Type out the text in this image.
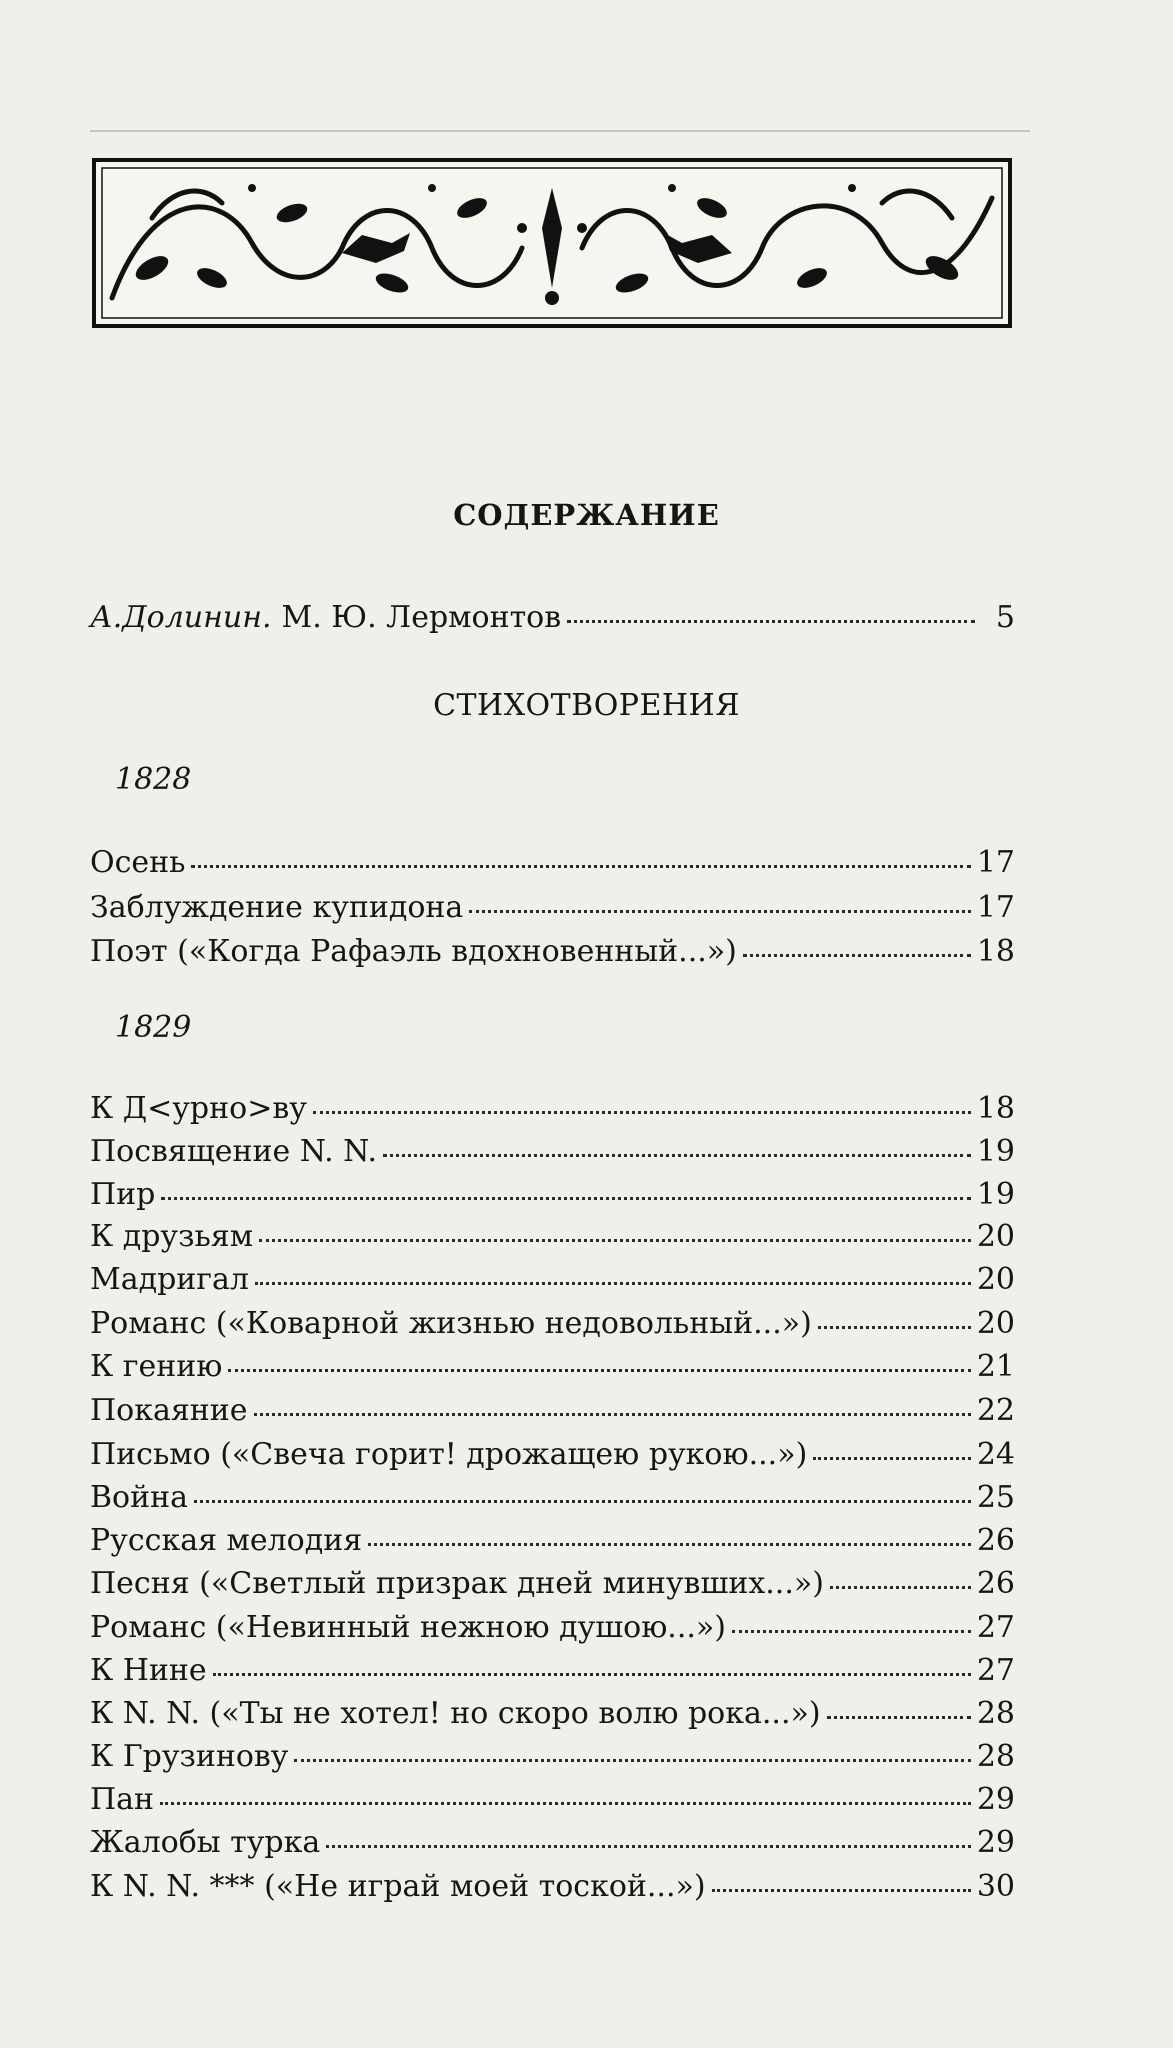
СОДЕРЖАНИЕ
А.Долинин. М. Ю. Лермонтов	5
СТИХОТВОРЕНИЯ
1828
Осень	17
Заблуждение купидона	17
Поэт («Когда Рафаэль вдохновенный...»)	18
1829
К Д<урно>ву	18
Посвящение N. N.	19
Пир	19
К друзьям	20
Мадригал	20
Романс («Коварной жизнью недовольный...»)	20
К гению	21
Покаяние	22
Письмо («Свеча горит! дрожащею рукою...»)	24
Война	25
Русская мелодия	26
Песня («Светлый призрак дней минувших...»)	26
Романс («Невинный нежною душою...»)	27
К Нине	27
К N. N. («Ты не хотел! но скоро волю рока...»)	28
К Грузинову	28
Пан	29
Жалобы турка	29
К N. N. *** («Не играй моей тоской...»)	30
